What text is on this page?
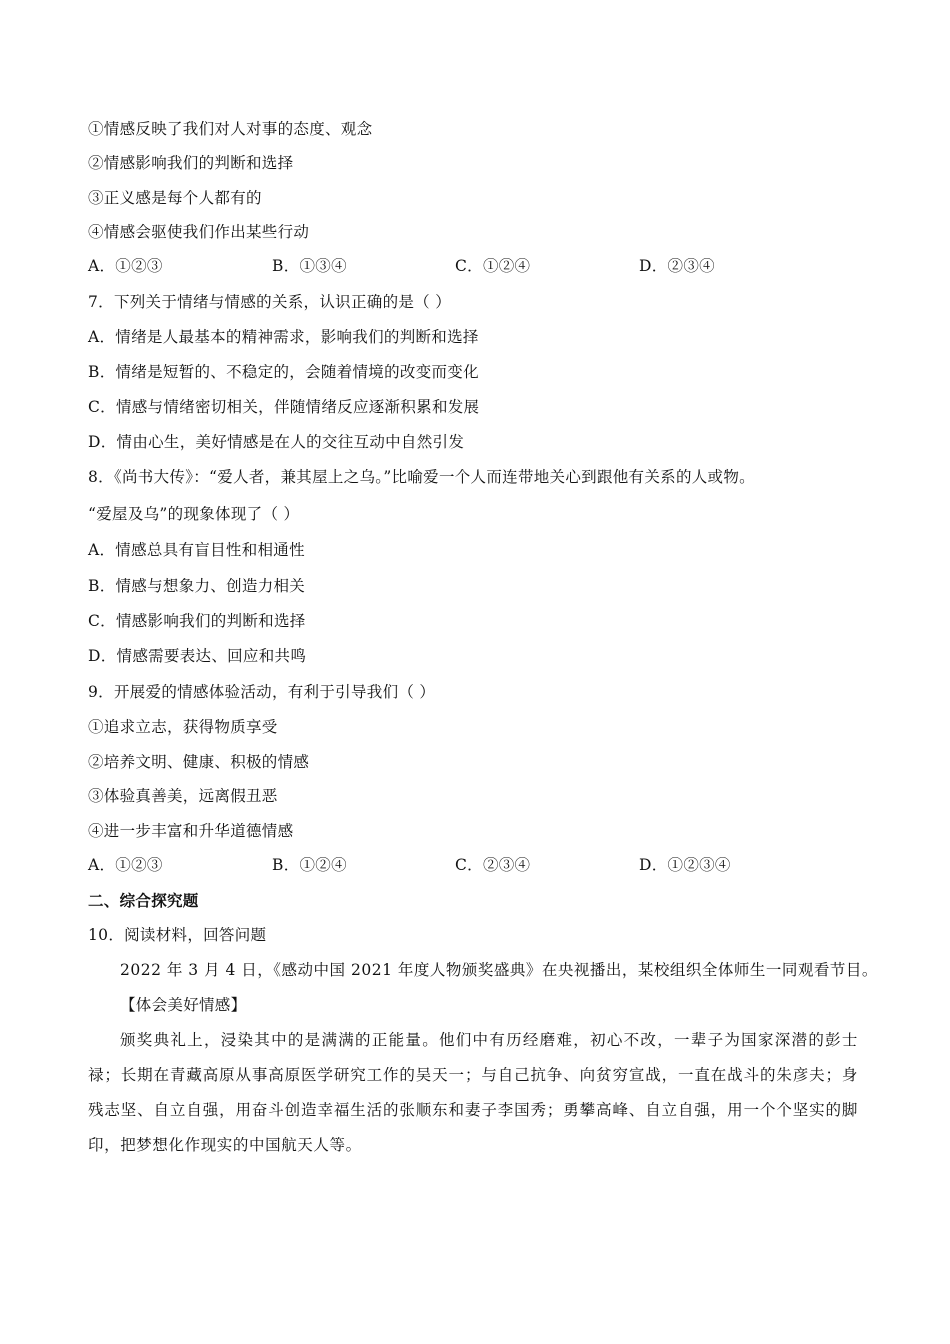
①情感反映了我们对人对事的态度、观念
②情感影响我们的判断和选择
③正义感是每个人都有的
④情感会驱使我们作出某些行动
A．①②③	B．①③④	C．①②④	D．②③④
7．下列关于情绪与情感的关系，认识正确的是（ ）
A．情绪是人最基本的精神需求，影响我们的判断和选择
B．情绪是短暂的、不稳定的，会随着情境的改变而变化
C．情感与情绪密切相关，伴随情绪反应逐渐积累和发展
D．情由心生，美好情感是在人的交往互动中自然引发
8．《尚书大传》：“爱人者，兼其屋上之乌。”比喻爱一个人而连带地关心到跟他有关系的人或物。
“爱屋及乌”的现象体现了（ ）
A．情感总具有盲目性和相通性
B．情感与想象力、创造力相关
C．情感影响我们的判断和选择
D．情感需要表达、回应和共鸣
9．开展爱的情感体验活动，有利于引导我们（ ）
①追求立志，获得物质享受
②培养文明、健康、积极的情感
③体验真善美，远离假丑恶
④进一步丰富和升华道德情感
A．①②③	B．①②④	C．②③④	D．①②③④
二、综合探究题
10．阅读材料，回答问题
2022 年 3 月 4 日，《感动中国 2021 年度人物颁奖盛典》在央视播出，某校组织全体师生一同观看节目。
【体会美好情感】
颁奖典礼上，浸染其中的是满满的正能量。他们中有历经磨难，初心不改，一辈子为国家深潜的彭士禄；长期在青藏高原从事高原医学研究工作的吴天一；与自己抗争、向贫穷宣战，一直在战斗的朱彦夫；身残志坚、自立自强，用奋斗创造幸福生活的张顺东和妻子李国秀；勇攀高峰、自立自强，用一个个坚实的脚印，把梦想化作现实的中国航天人等。
